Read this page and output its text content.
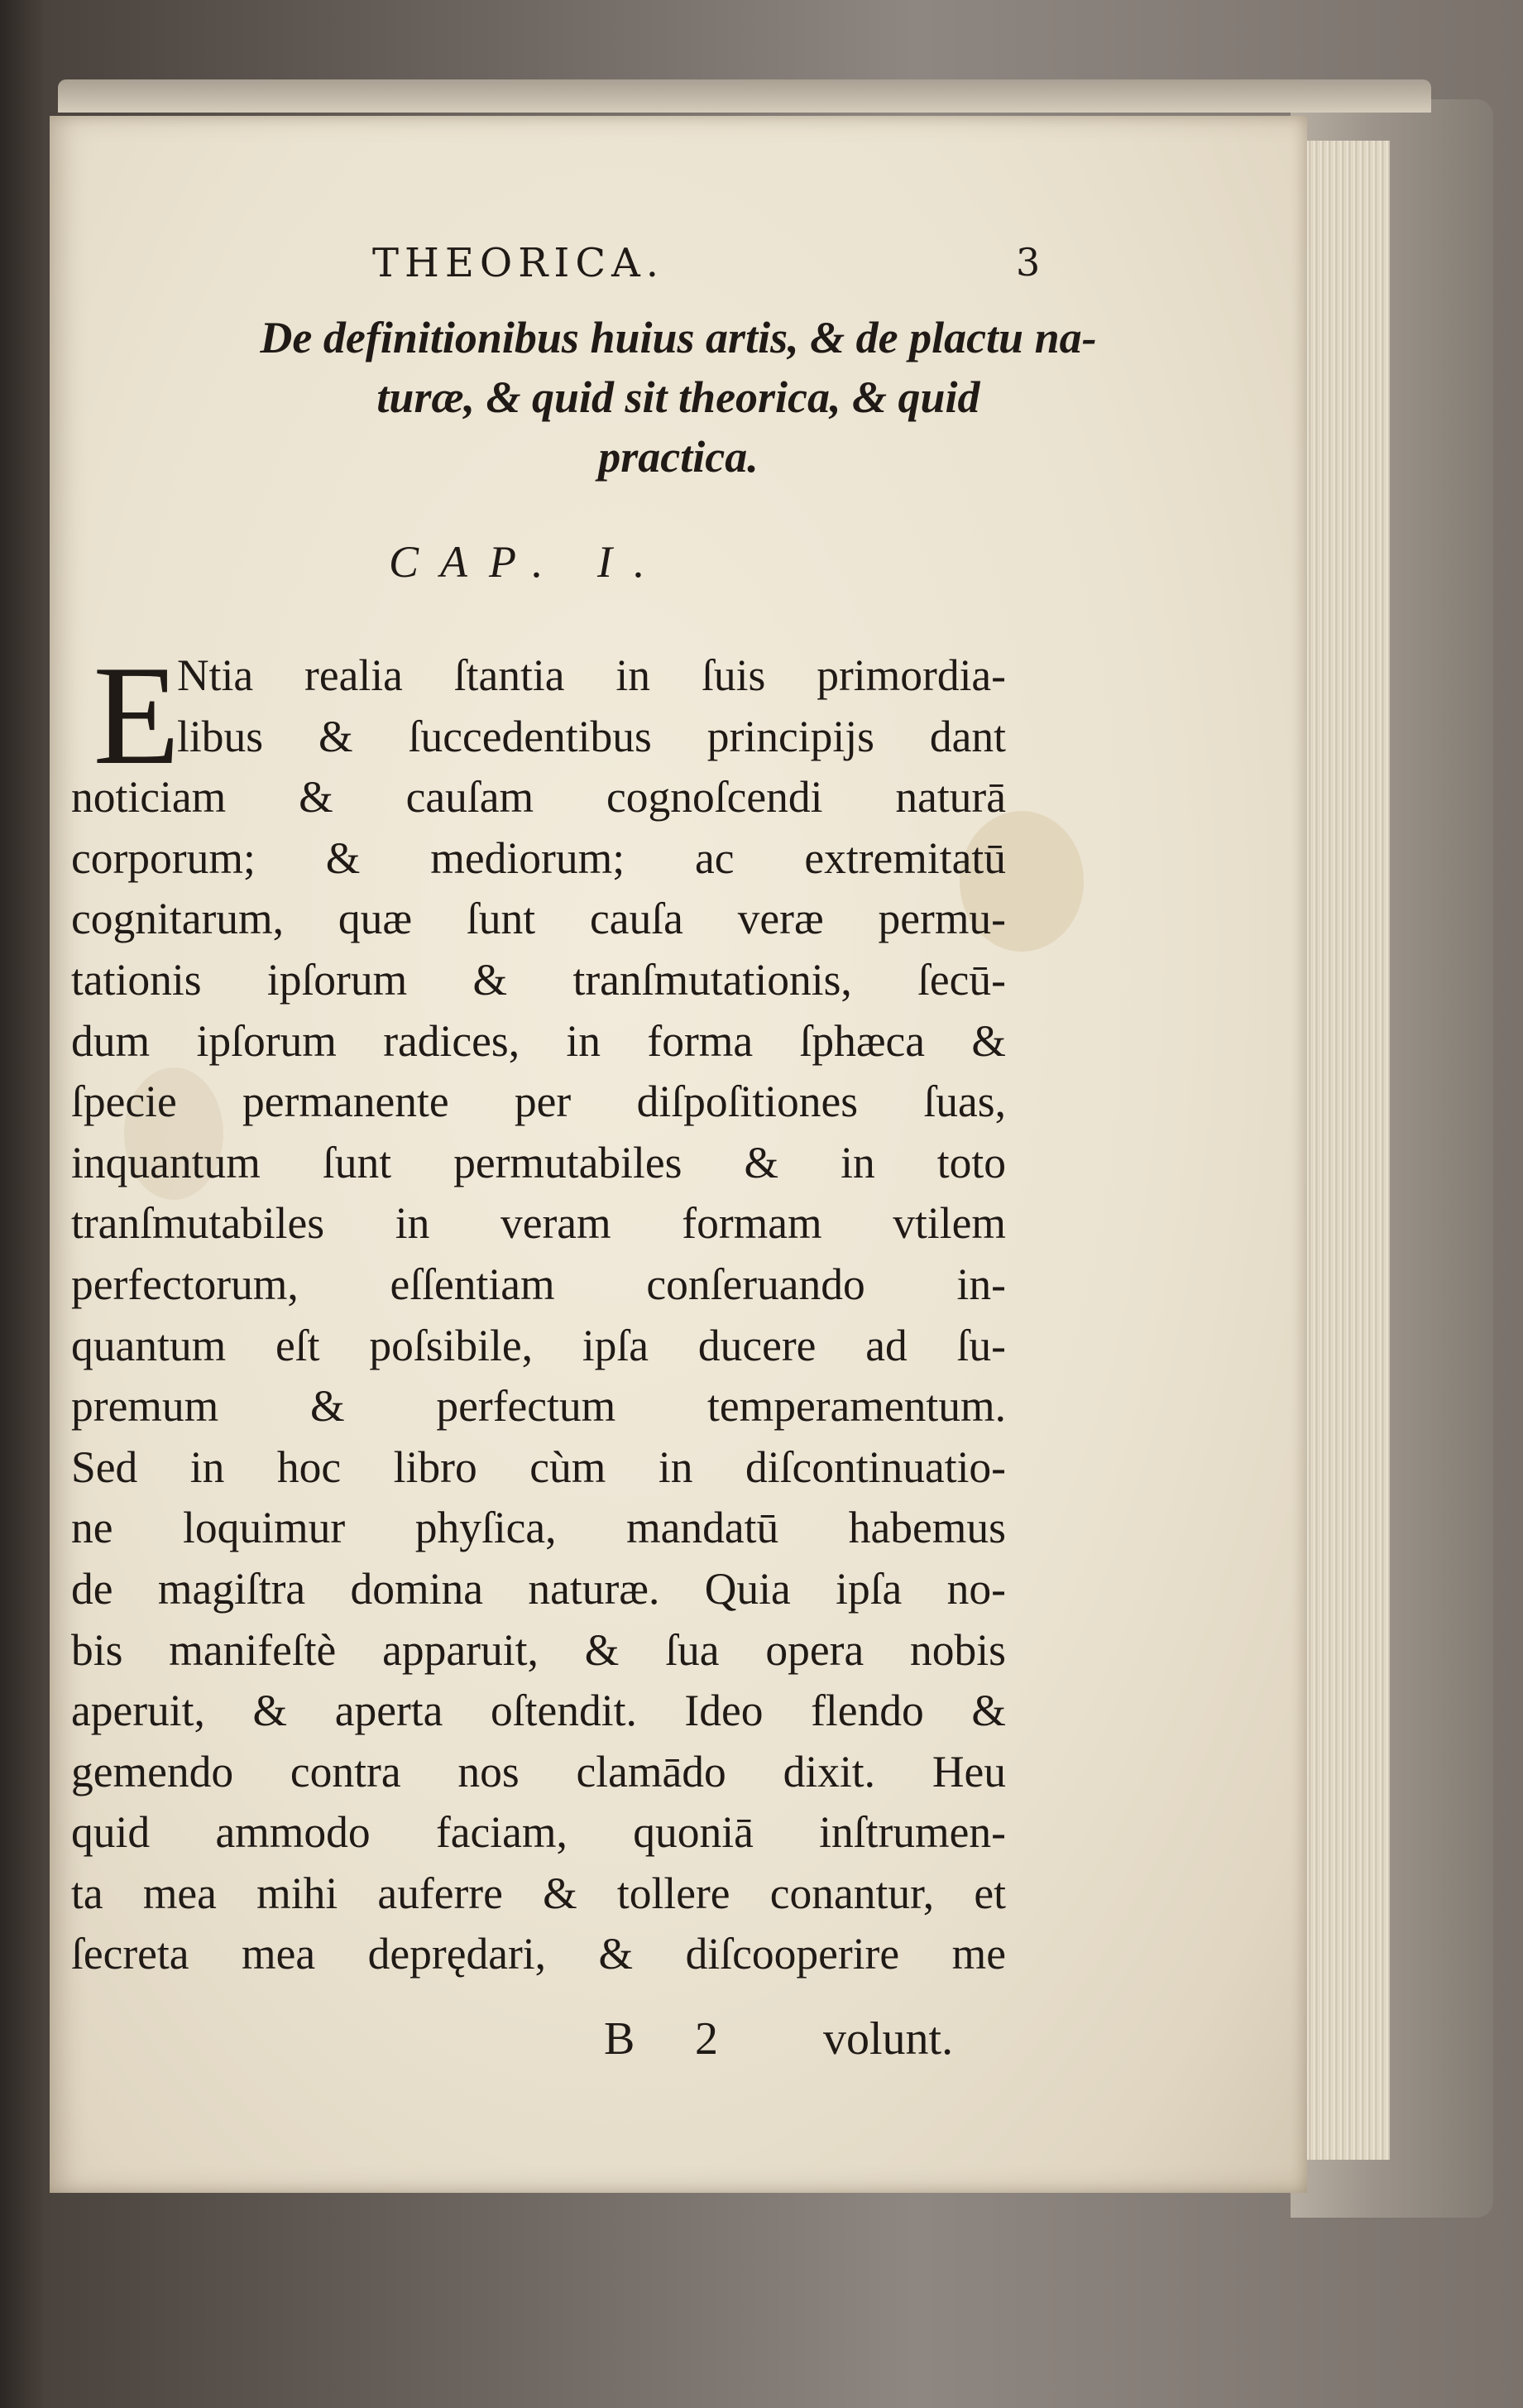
THEORICA.	3
De definitionibus huius artis, & de plactu na-
turæ, & quid sit theorica, & quid
practica.
CAP. I.
E
Ntia realia ſtantia in ſuis primordia-
libus & ſuccedentibus principijs dant
noticiam & cauſam cognoſcendi naturā
corporum; & mediorum; ac extremitatū
cognitarum, quæ ſunt cauſa veræ permu-
tationis ipſorum & tranſmutationis, ſecū-
dum ipſorum radices, in forma ſphæca &
ſpecie permanente per diſpoſitiones ſuas,
inquantum ſunt permutabiles & in toto
tranſmutabiles in veram formam vtilem
perfectorum, eſſentiam conſeruando in-
quantum eſt poſsibile, ipſa ducere ad ſu-
premum & perfectum temperamentum.
Sed in hoc libro cùm in diſcontinuatio-
ne loquimur phyſica, mandatū habemus
de magiſtra domina naturæ. Quia ipſa no-
bis manifeſtè apparuit, & ſua opera nobis
aperuit, & aperta oſtendit. Ideo flendo &
gemendo contra nos clamādo dixit. Heu
quid ammodo faciam, quoniā inſtrumen-
ta mea mihi auferre & tollere conantur, et
ſecreta mea deprędari, & diſcooperire me
B 2 volunt.
